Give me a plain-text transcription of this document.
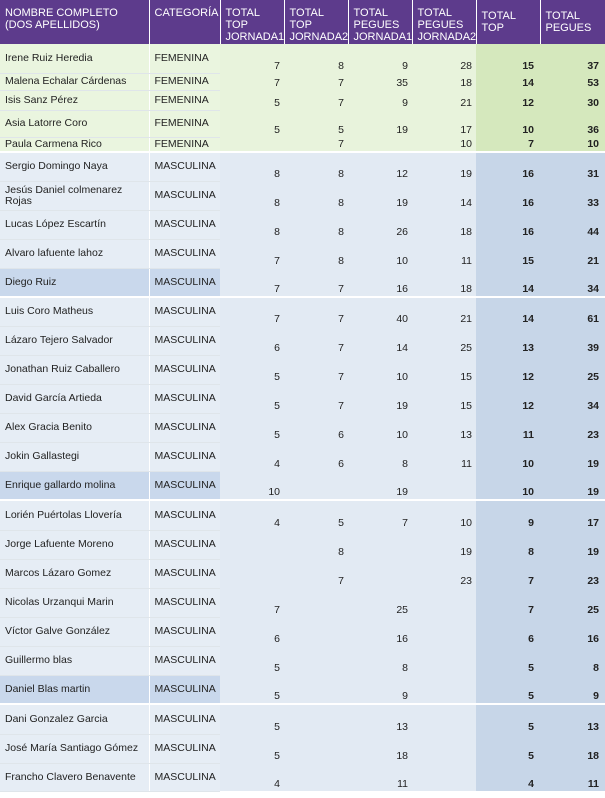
NOMBRE COMPLETO (DOS APELLIDOS)	CATEGORÍA	TOTAL TOP JORNADA1	TOTAL TOP JORNADA2	TOTAL PEGUES JORNADA1	TOTAL PEGUES JORNADA2	TOTAL TOP	TOTAL PEGUES
Irene Ruiz Heredia	FEMENINA	7	8	9	28	15	37
Malena Echalar Cárdenas	FEMENINA	7	7	35	18	14	53
Isis Sanz Pérez	FEMENINA	5	7	9	21	12	30
Asia Latorre Coro	FEMENINA	5	5	19	17	10	36
Paula Carmena Rico	FEMENINA		7		10	7	10
Sergio Domingo Naya	MASCULINA	8	8	12	19	16	31
Jesús Daniel colmenarez Rojas	MASCULINA	8	8	19	14	16	33
Lucas López Escartín	MASCULINA	8	8	26	18	16	44
Alvaro lafuente lahoz	MASCULINA	7	8	10	11	15	21
Diego Ruiz	MASCULINA	7	7	16	18	14	34
Luis Coro Matheus	MASCULINA	7	7	40	21	14	61
Lázaro Tejero Salvador	MASCULINA	6	7	14	25	13	39
Jonathan Ruiz Caballero	MASCULINA	5	7	10	15	12	25
David García Artieda	MASCULINA	5	7	19	15	12	34
Alex Gracia Benito	MASCULINA	5	6	10	13	11	23
Jokin Gallastegi	MASCULINA	4	6	8	11	10	19
Enrique gallardo molina	MASCULINA	10		19		10	19
Lorién Puértolas Llovería	MASCULINA	4	5	7	10	9	17
Jorge Lafuente Moreno	MASCULINA		8		19	8	19
Marcos Lázaro Gomez	MASCULINA		7		23	7	23
Nicolas Urzanqui Marin	MASCULINA	7		25		7	25
Víctor Galve González	MASCULINA	6		16		6	16
Guillermo blas	MASCULINA	5		8		5	8
Daniel Blas martin	MASCULINA	5		9		5	9
Dani Gonzalez Garcia	MASCULINA	5		13		5	13
José María Santiago Gómez	MASCULINA	5		18		5	18
Francho Clavero Benavente	MASCULINA	4		11		4	11
